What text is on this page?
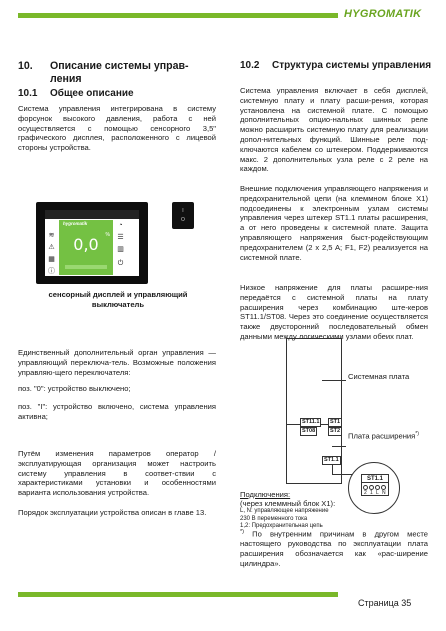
HYGROMATIK
Страница 35
10. Описание системы управ-ления
10.1 Общее описание
Система управления интегрирована в систему форсунок высокого давления, работа с ней осуществляется с помощью сенсорного 3,5" графического дисплея, расположенного с лицевой стороны устройства.
≋
⚠
▦
ⓘ
hygromatik
%
0,0
◔
☰
▥
⏻
I
O
сенсорный дисплей и управляющий выключатель
Единственный дополнительный орган управления — управляющий переключа-тель. Возможные положения управляю-щего переключателя:
поз. "0": устройство выключено;
поз. "I": устройство включено, система управления активна;
Путём изменения параметров оператор / эксплуатирующая организация может настроить систему управления в соответ-ствии с характеристиками установки и особенностями варианта использования устройства.
Порядок эксплуатации устройства описан в главе 13.
10.2 Структура системы управления
Система управления включает в себя дисплей, системную плату и плату расши-рения, которая установлена на системной плате. С помощью дополнительных опцио-нальных шинных реле можно расширить системную плату для реализации допол-нительных функций. Шинные реле под-ключаются кабелем со штекером. Поддерживаются макс. 2 дополнительных узла реле с 2 реле на каждом.
Внешние подключения управляющего напряжения и предохранительной цепи (на клеммном блоке X1) подсоединены к электронным узлам системы управления через штекер ST1.1 платы расширения, а от него проведены к системной плате. Защита управляющего напряжения быст-родействующим предохранителем (2 x 2,5 A; F1, F2) реализуется на системной плате.
Низкое напряжение для платы расшире-ния передаётся с системной платы на плату расширения через комбинацию ште-керов ST11.1/ST08. Через это соединение осуществляется также двусторонний последовательный обмен данными между логическими узлами обеих плат.
ST11.1	ST1
ST08	ST2
ST1.1
Системная плата
Плата расширения*)
ST1.1
2 1 L N
Подключения:
(через клеммный блок X1):
L, N: управляющее напряжение
230 В переменного тока
1,2: Предохранительная цепь
*) По внутренним причинам в другом месте настоящего руководства по эксплуатации плата расширения обозначается как «рас-ширение цилиндра».
